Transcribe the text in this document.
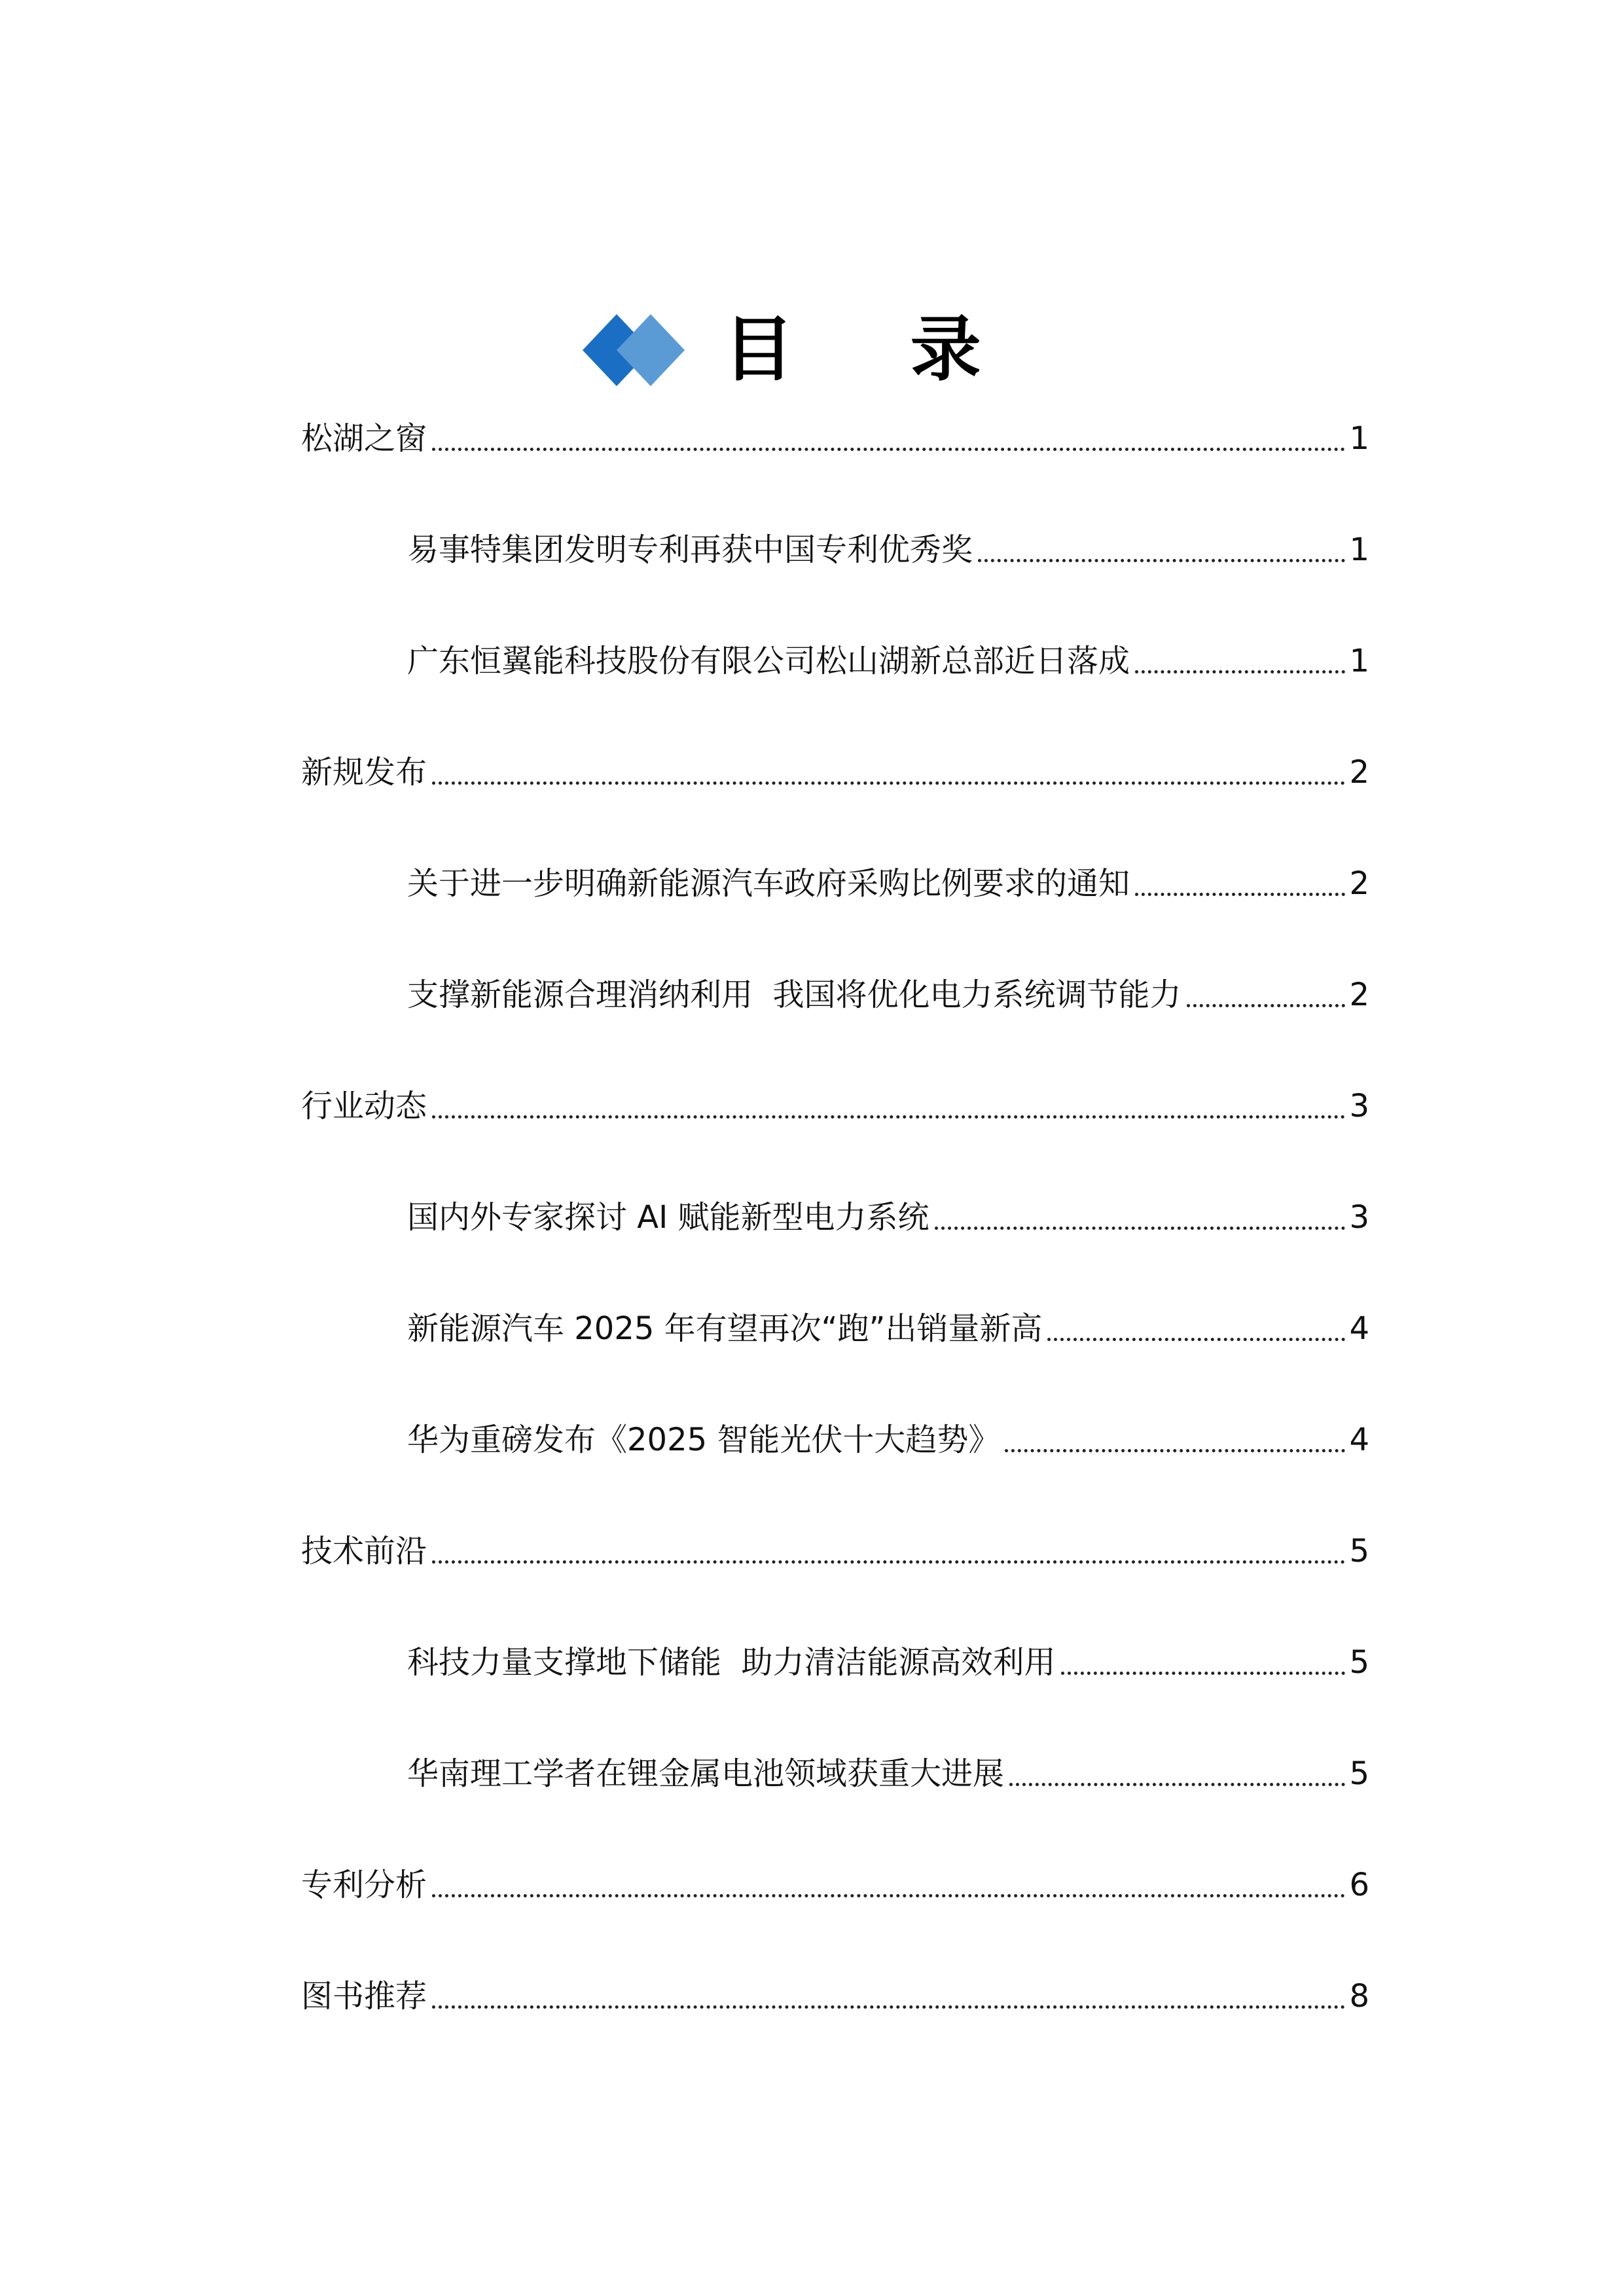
目 录
松湖之窗	1
易事特集团发明专利再获中国专利优秀奖	1
广东恒翼能科技股份有限公司松山湖新总部近日落成	1
新规发布	2
关于进一步明确新能源汽车政府采购比例要求的通知	2
支撑新能源合理消纳利用  我国将优化电力系统调节能力	2
行业动态	3
国内外专家探讨 AI 赋能新型电力系统	3
新能源汽车 2025 年有望再次“跑”出销量新高	4
华为重磅发布《2025 智能光伏十大趋势》	4
技术前沿	5
科技力量支撑地下储能  助力清洁能源高效利用	5
华南理工学者在锂金属电池领域获重大进展	5
专利分析	6
图书推荐	8
